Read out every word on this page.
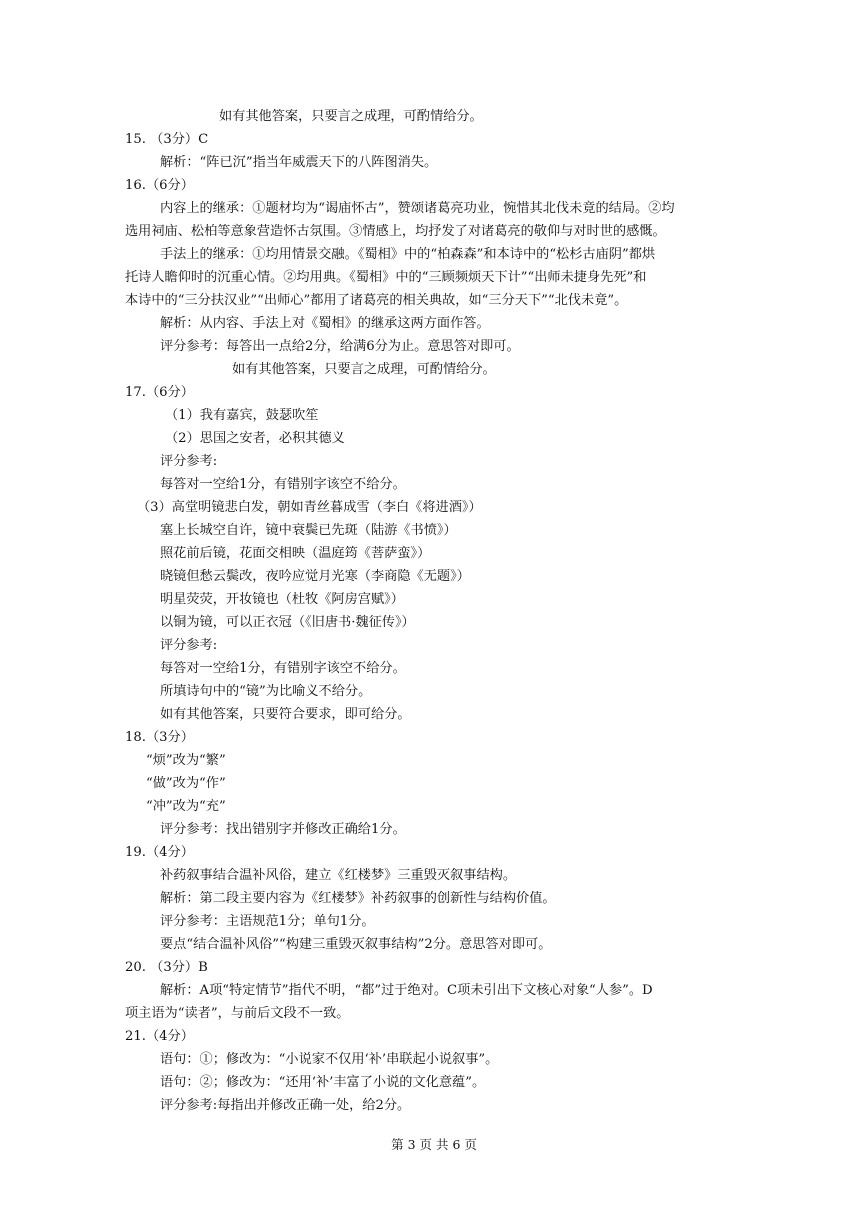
如有其他答案，只要言之成理，可酌情给分。
15. （3分）C
解析：“阵已沉”指当年威震天下的八阵图消失。
16.（6分）
内容上的继承：①题材均为“谒庙怀古”，赞颂诸葛亮功业，惋惜其北伐未竟的结局。②均
选用祠庙、松柏等意象营造怀古氛围。③情感上，均抒发了对诸葛亮的敬仰与对时世的感慨。
手法上的继承：①均用情景交融。《蜀相》中的“柏森森”和本诗中的“松杉古庙阴”都烘
托诗人瞻仰时的沉重心情。②均用典。《蜀相》中的“三顾频烦天下计”“出师未捷身先死”和
本诗中的“三分扶汉业”“出师心”都用了诸葛亮的相关典故，如“三分天下”“北伐未竟”。
解析：从内容、手法上对《蜀相》的继承这两方面作答。
评分参考：每答出一点给2分，给满6分为止。意思答对即可。
如有其他答案，只要言之成理，可酌情给分。
17.（6分）
（1）我有嘉宾，鼓瑟吹笙
（2）思国之安者，必积其德义
评分参考:
每答对一空给1分，有错别字该空不给分。
（3）高堂明镜悲白发，朝如青丝暮成雪（李白《将进酒》）
塞上长城空自许，镜中衰鬓已先斑（陆游《书愤》）
照花前后镜，花面交相映（温庭筠《菩萨蛮》）
晓镜但愁云鬓改，夜吟应觉月光寒（李商隐《无题》）
明星荧荧，开妆镜也（杜牧《阿房宫赋》）
以铜为镜，可以正衣冠（《旧唐书·魏征传》）
评分参考:
每答对一空给1分，有错别字该空不给分。
所填诗句中的“镜”为比喻义不给分。
如有其他答案，只要符合要求，即可给分。
18.（3分）
“烦”改为“繁”
“做”改为“作”
“冲”改为“充”
评分参考：找出错别字并修改正确给1分。
19.（4分）
补药叙事结合温补风俗，建立《红楼梦》三重毁灭叙事结构。
解析：第二段主要内容为《红楼梦》补药叙事的创新性与结构价值。
评分参考：主语规范1分；单句1分。
要点“结合温补风俗”“构建三重毁灭叙事结构”2分。意思答对即可。
20. （3分）B
解析：A项“特定情节”指代不明，“都”过于绝对。C项未引出下文核心对象“人参”。D
项主语为“读者”，与前后文段不一致。
21.（4分）
语句：①；修改为：“小说家不仅用‘补’串联起小说叙事”。
语句：②；修改为：“还用‘补’丰富了小说的文化意蕴”。
评分参考:每指出并修改正确一处，给2分。
第 3 页 共 6 页
